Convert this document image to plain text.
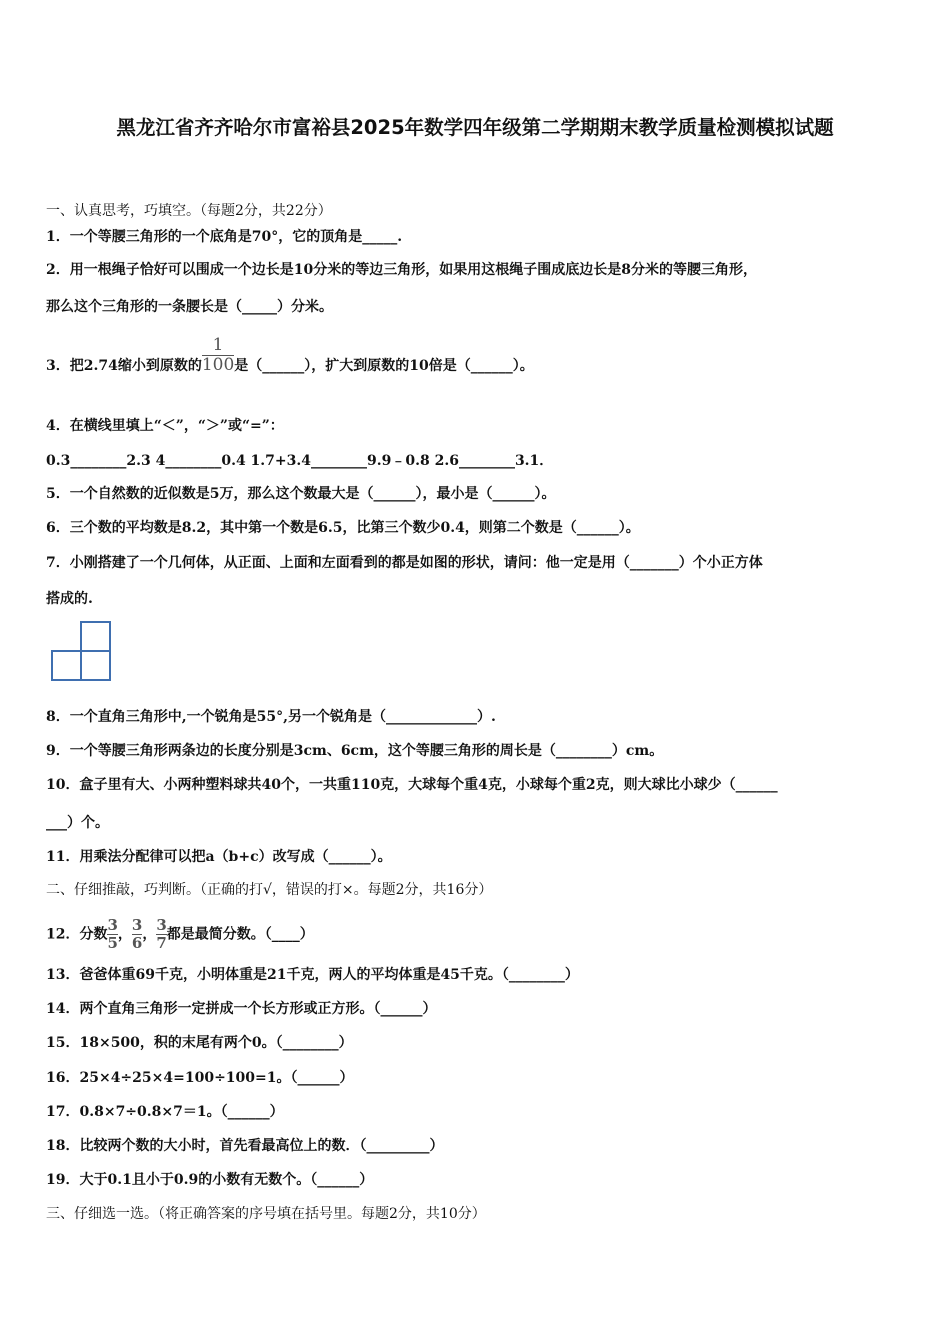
黑龙江省齐齐哈尔市富裕县2025年数学四年级第二学期期末教学质量检测模拟试题
一、认真思考，巧填空。（每题2分，共22分）
1．一个等腰三角形的一个底角是70°，它的顶角是_____.
2．用一根绳子恰好可以围成一个边长是10分米的等边三角形，如果用这根绳子围成底边长是8分米的等腰三角形，
那么这个三角形的一条腰长是（_____）分米。
3．把2.74缩小到原数的 $\frac{1}{100}$ 是（______），扩大到原数的10倍是（______）。
4．在横线里填上“＜”，“＞”或“=”：
0.3________2.3 4________0.4 1.7+3.4________9.9﹣0.8 2.6________3.1．
5．一个自然数的近似数是5万，那么这个数最大是（______），最小是（______）。
6．三个数的平均数是8.2，其中第一个数是6.5，比第三个数少0.4，则第二个数是（______）。
7．小刚搭建了一个几何体，从正面、上面和左面看到的都是如图的形状，请问：他一定是用（_______）个小正方体
搭成的.
8．一个直角三角形中,一个锐角是55°,另一个锐角是（_____________）.
9．一个等腰三角形两条边的长度分别是3cm、6cm，这个等腰三角形的周长是（________）cm。
10．盒子里有大、小两种塑料球共40个，一共重110克，大球每个重4克，小球每个重2克，则大球比小球少（______
___）个。
11．用乘法分配律可以把a（b+c）改写成（______）。
二、仔细推敲，巧判断。（正确的打√，错误的打×。每题2分，共16分）
12．分数 $\frac{3}{5}$ ， $\frac{3}{6}$ ， $\frac{3}{7}$ 都是最简分数。（____）
13．爸爸体重69千克，小明体重是21千克，两人的平均体重是45千克。（________）
14．两个直角三角形一定拼成一个长方形或正方形。（______）
15．18×500，积的末尾有两个0。（________）
16．25×4÷25×4=100÷100=1。（______）
17．0.8×7÷0.8×7＝1。（______）
18．比较两个数的大小时，首先看最高位上的数．（_________）
19．大于0.1且小于0.9的小数有无数个。（______）
三、仔细选一选。（将正确答案的序号填在括号里。每题2分，共10分）
